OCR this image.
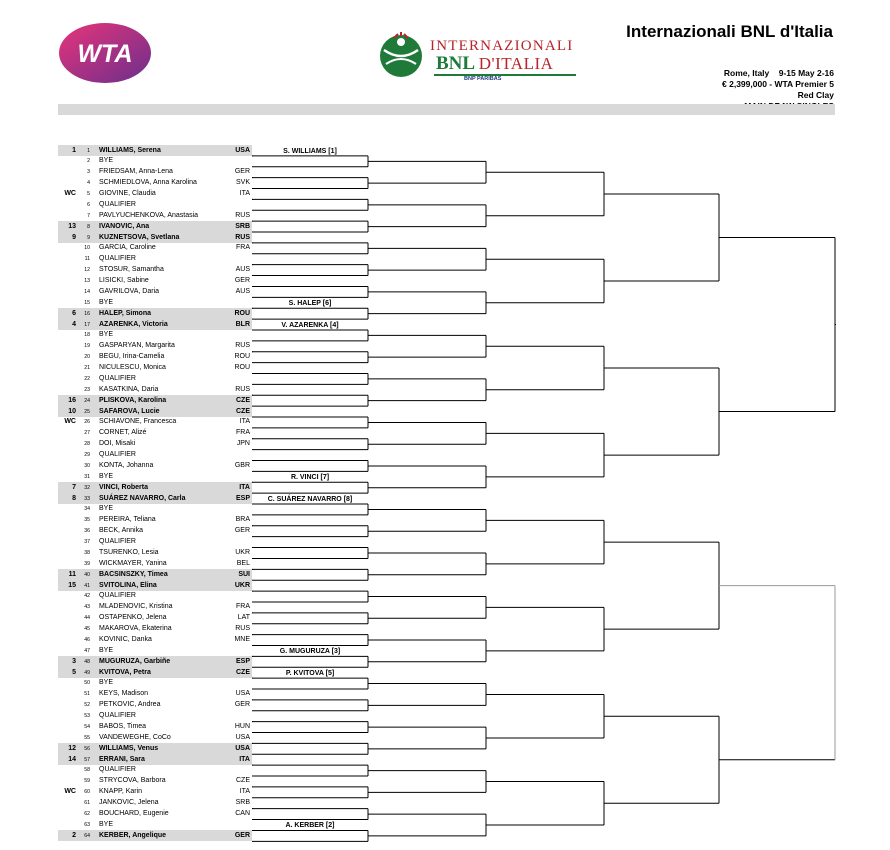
WTA	INTERNAZIONALI
BNL D'ITALIA
BNP PARIBAS
Internazionali BNL d'Italia
Rome, Italy    9-15 May 2-16
€ 2,399,000 - WTA Premier 5
Red Clay
1	1 WILLIAMS, Serena	USA
2 BYE
3 FRIEDSAM, Anna-Lena	GER
4 SCHMIEDLOVA, Anna Karolina	SVK
WC	5 GIOVINE, Claudia	ITA
6 QUALIFIER
7 PAVLYUCHENKOVA, Anastasia	RUS
13	8 IVANOVIC, Ana	SRB
9	9 KUZNETSOVA, Svetlana	RUS
10 GARCIA, Caroline	FRA
11 QUALIFIER
12 STOSUR, Samantha	AUS
13 LISICKI, Sabine	GER
14 GAVRILOVA, Daria	AUS
15 BYE
6	16 HALEP, Simona	ROU
4	17 AZARENKA, Victoria	BLR
18 BYE
19 GASPARYAN, Margarita	RUS
20 BEGU, Irina-Camelia	ROU
21 NICULESCU, Monica	ROU
22 QUALIFIER
23 KASATKINA, Daria	RUS
16	24 PLISKOVA, Karolina	CZE
10	25 SAFAROVA, Lucie	CZE
WC	26 SCHIAVONE, Francesca	ITA
27 CORNET, Alizé	FRA
28 DOI, Misaki	JPN
29 QUALIFIER
30 KONTA, Johanna	GBR
31 BYE
7	32 VINCI, Roberta	ITA
8	33 SUÁREZ NAVARRO, Carla	ESP
34 BYE
35 PEREIRA, Teliana	BRA
36 BECK, Annika	GER
37 QUALIFIER
38 TSURENKO, Lesia	UKR
39 WICKMAYER, Yanina	BEL
11	40 BACSINSZKY, Timea	SUI
15	41 SVITOLINA, Elina	UKR
42 QUALIFIER
43 MLADENOVIC, Kristina	FRA
44 OSTAPENKO, Jelena	LAT
45 MAKAROVA, Ekaterina	RUS
46 KOVINIC, Danka	MNE
47 BYE
3	48 MUGURUZA, Garbiñe	ESP
5	49 KVITOVA, Petra	CZE
50 BYE
51 KEYS, Madison	USA
52 PETKOVIC, Andrea	GER
53 QUALIFIER
54 BABOS, Timea	HUN
55 VANDEWEGHE, CoCo	USA
12	56 WILLIAMS, Venus	USA
14	57 ERRANI, Sara	ITA
58 QUALIFIER
59 STRYCOVA, Barbora	CZE
WC	60 KNAPP, Karin	ITA
61 JANKOVIC, Jelena	SRB
62 BOUCHARD, Eugenie	CAN
63 BYE
2	64 KERBER, Angelique	GER
S. WILLIAMS [1]
S. HALEP [6]
V. AZARENKA [4]
R. VINCI [7]
C. SUÁREZ NAVARRO [8]
G. MUGURUZA [3]
P. KVITOVA [5]
A. KERBER [2]
